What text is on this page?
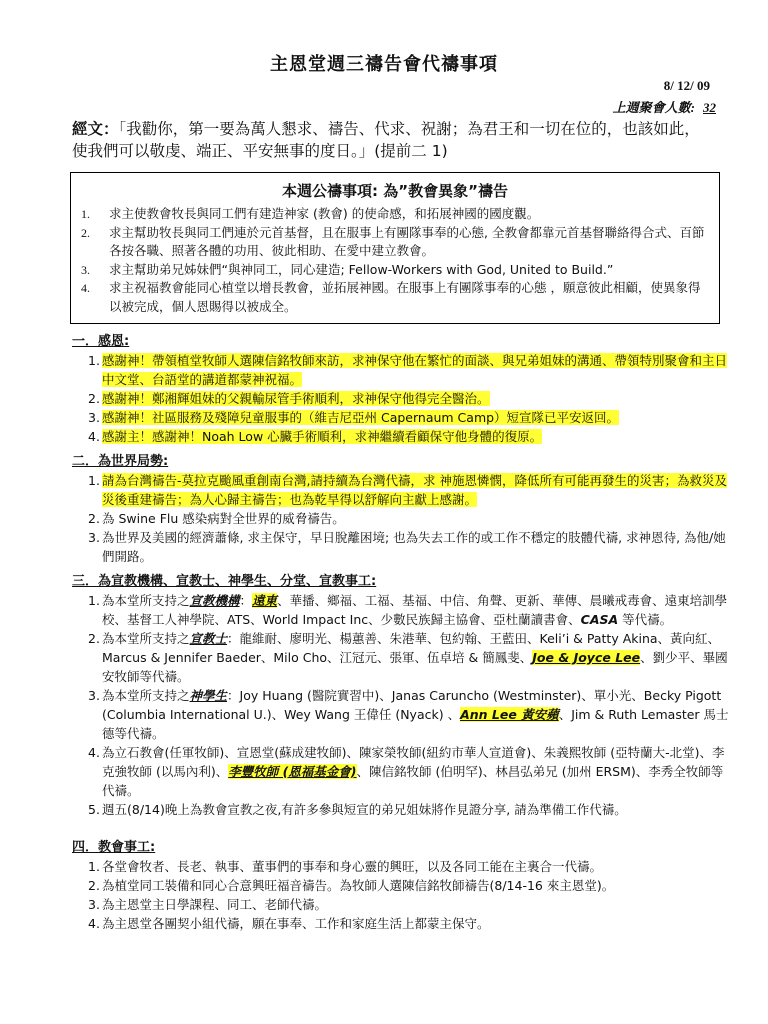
主恩堂週三禱告會代禱事項
8/ 12/ 09
上週聚會人數: 32
經文：「我勸你，第一要為萬人懇求、禱告、代求、祝謝；為君王和一切在位的，也該如此，使我們可以敬虔、端正、平安無事的度日。」(提前二 1)
本週公禱事項: 為”教會異象”禱告
1. 求主使教會牧長與同工們有建造神家 (教會) 的使命感，和拓展神國的國度觀。
2. 求主幫助牧長與同工們連於元首基督，且在服事上有團隊事奉的心態, 全教會都靠元首基督聯絡得合式、百節各按各職、照著各體的功用、彼此相助、在愛中建立教會。
3. 求主幫助弟兄姊妹們“與神同工，同心建造; Fellow-Workers with God, United to Build.”
4. 求主祝福教會能同心植堂以增長教會，並拓展神國。在服事上有團隊事奉的心態 ，願意彼此相顧，使異象得以被完成，個人恩賜得以被成全。
一．感恩:
1. 感謝神！帶領植堂牧師人選陳信銘牧師來訪，求神保守他在繁忙的面談、與兄弟姐妹的溝通、帶領特別聚會和主日中文堂、台語堂的講道都蒙神祝福。
2. 感謝神！鄭湘輝姐妹的父親輸尿管手術順利，求神保守他得完全醫治。
3. 感謝神！社區服務及殘障兒童服事的（維吉尼亞州 Capernaum Camp）短宣隊已平安返回。
4. 感謝主！感謝神！Noah Low 心臟手術順利，求神繼續看顧保守他身體的復原。
二．為世界局勢:
1. 請為台灣禱告-莫拉克颱風重創南台灣,請持續為台灣代禱，求 神施恩憐憫，降低所有可能再發生的災害；為救災及災後重建禱告；為人心歸主禱告；也為乾旱得以舒解向主獻上感謝。
2. 為 Swine Flu 感染病對全世界的威脅禱告。
3. 為世界及美國的經濟蕭條, 求主保守，早日脫離困境; 也為失去工作的或工作不穩定的肢體代禱, 求神恩待, 為他/她們開路。
三．為宣教機構、宣教士、神學生、分堂、宣教事工:
1. 為本堂所支持之宣教機構：遠東、華播、鄉福、工福、基福、中信、角聲、更新、華傳、晨曦戒毒會、遠東培訓學校、基督工人神學院、ATS、World Impact Inc、少數民族歸主協會、亞杜蘭讀書會、CASA 等代禱。
2. 為本堂所支持之宣教士：龍維耐、廖明光、楊蕙善、朱港華、包約翰、王藍田、Keli’i & Patty Akina、黃向紅、Marcus & Jennifer Baeder、Milo Cho、江冠元、張軍、伍卓培 & 簡鳳斐、Joe & Joyce Lee、劉少平、畢國安牧師等代禱。
3. 為本堂所支持之神學生：Joy Huang (醫院實習中)、Janas Caruncho (Westminster)、單小光、Becky Pigott (Columbia International U.)、Wey Wang 王偉任 (Nyack) 、Ann Lee 黃安蘋、Jim & Ruth Lemaster 馬士德等代禱。
4. 為立石教會(任軍牧師)、宣恩堂(蘇成建牧師)、陳家榮牧師(紐約市華人宣道會)、朱義熙牧師 (亞特蘭大-北堂)、李克強牧師 (以馬內利)、李豐牧師 (恩福基金會)、陳信銘牧師 (伯明罕)、林昌弘弟兄 (加州 ERSM)、李秀全牧師等代禱。
5. 週五(8/14)晚上為教會宣教之夜,有許多參與短宣的弟兄姐妹將作見證分享, 請為準備工作代禱。
四．教會事工:
1. 各堂會牧者、長老、執事、董事們的事奉和身心靈的興旺，以及各同工能在主裏合一代禱。
2. 為植堂同工裝備和同心合意興旺福音禱告。為牧師人選陳信銘牧師禱告(8/14-16 來主恩堂)。
3. 為主恩堂主日學課程、同工、老師代禱。
4. 為主恩堂各團契小組代禱，願在事奉、工作和家庭生活上都蒙主保守。
